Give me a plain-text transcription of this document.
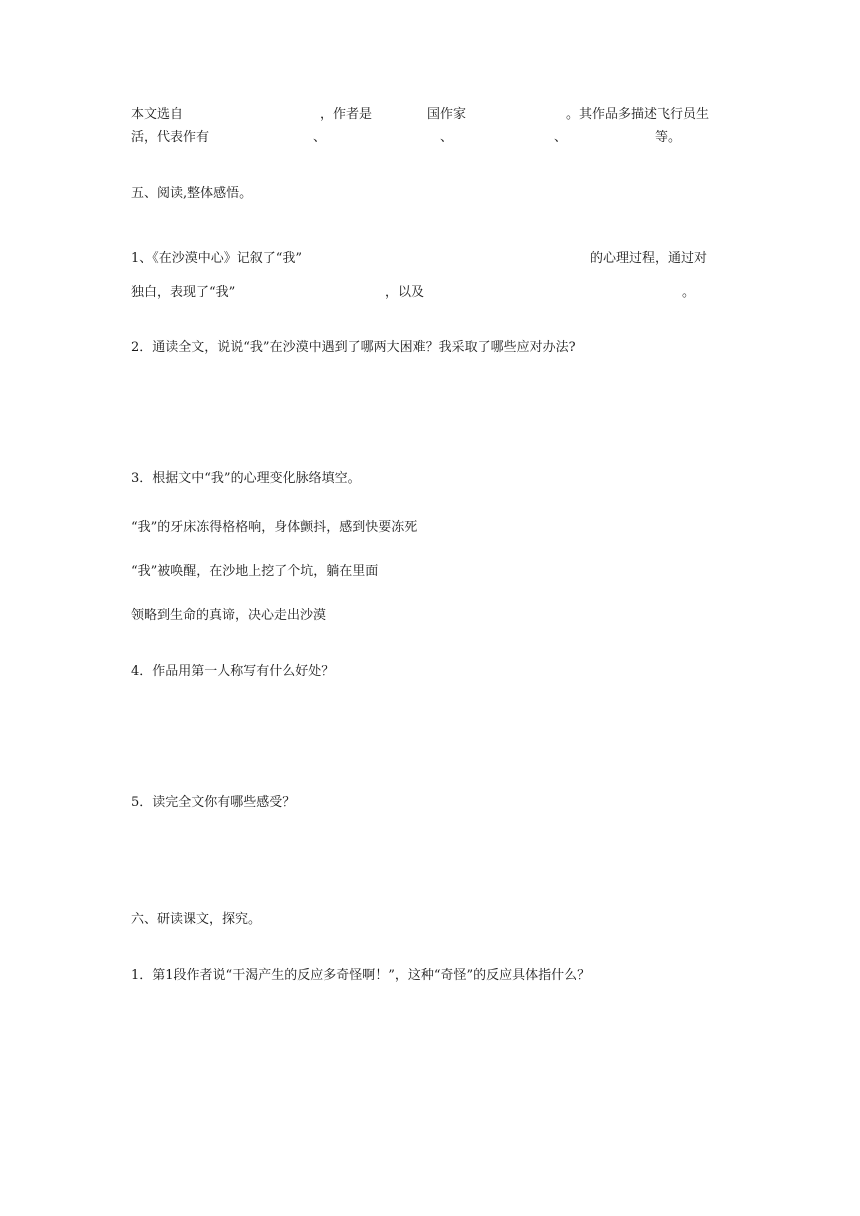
本文选自	，作者是	国作家	。其作品多描述飞行员生
活，代表作有	、	、	、	等。
五、阅读,整体感悟。
1、《在沙漠中心》记叙了“我”	的心理过程，通过对
独白，表现了“我”	，以及	。
2．通读全文，说说“我”在沙漠中遇到了哪两大困难？我采取了哪些应对办法?
3．根据文中“我”的心理变化脉络填空。
“我”的牙床冻得格格响，身体颤抖，感到快要冻死
“我”被唤醒，在沙地上挖了个坑，躺在里面
领略到生命的真谛，决心走出沙漠
4．作品用第一人称写有什么好处？
5．读完全文你有哪些感受？
六、研读课文，探究。
1．第1段作者说“干渴产生的反应多奇怪啊！”，这种“奇怪”的反应具体指什么？
